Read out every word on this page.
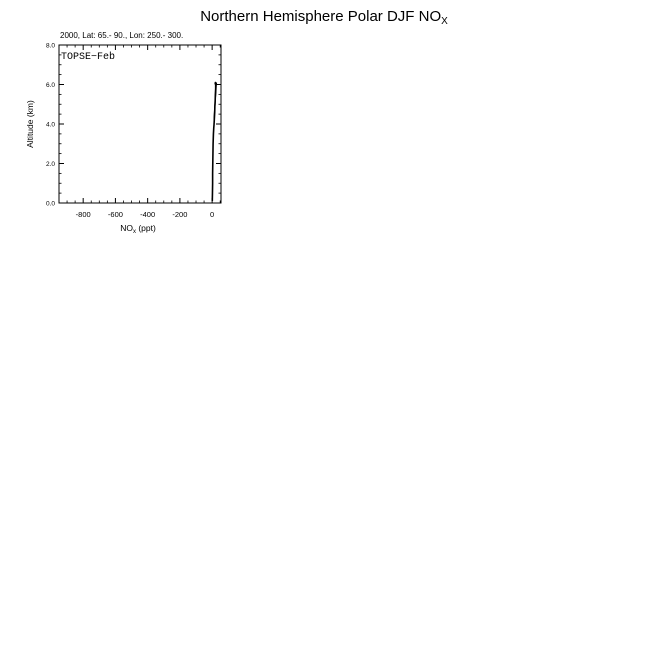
Northern Hemisphere Polar DJF $NO_X$
2000, Lat: 65.- 90., Lon: 250.- 300.
-800 -600 -400 -200	0
0.0
2.0
4.0
6.0
8.0
TOPSE−Feb
$NO_x$ (ppt)
Altitude (km)
